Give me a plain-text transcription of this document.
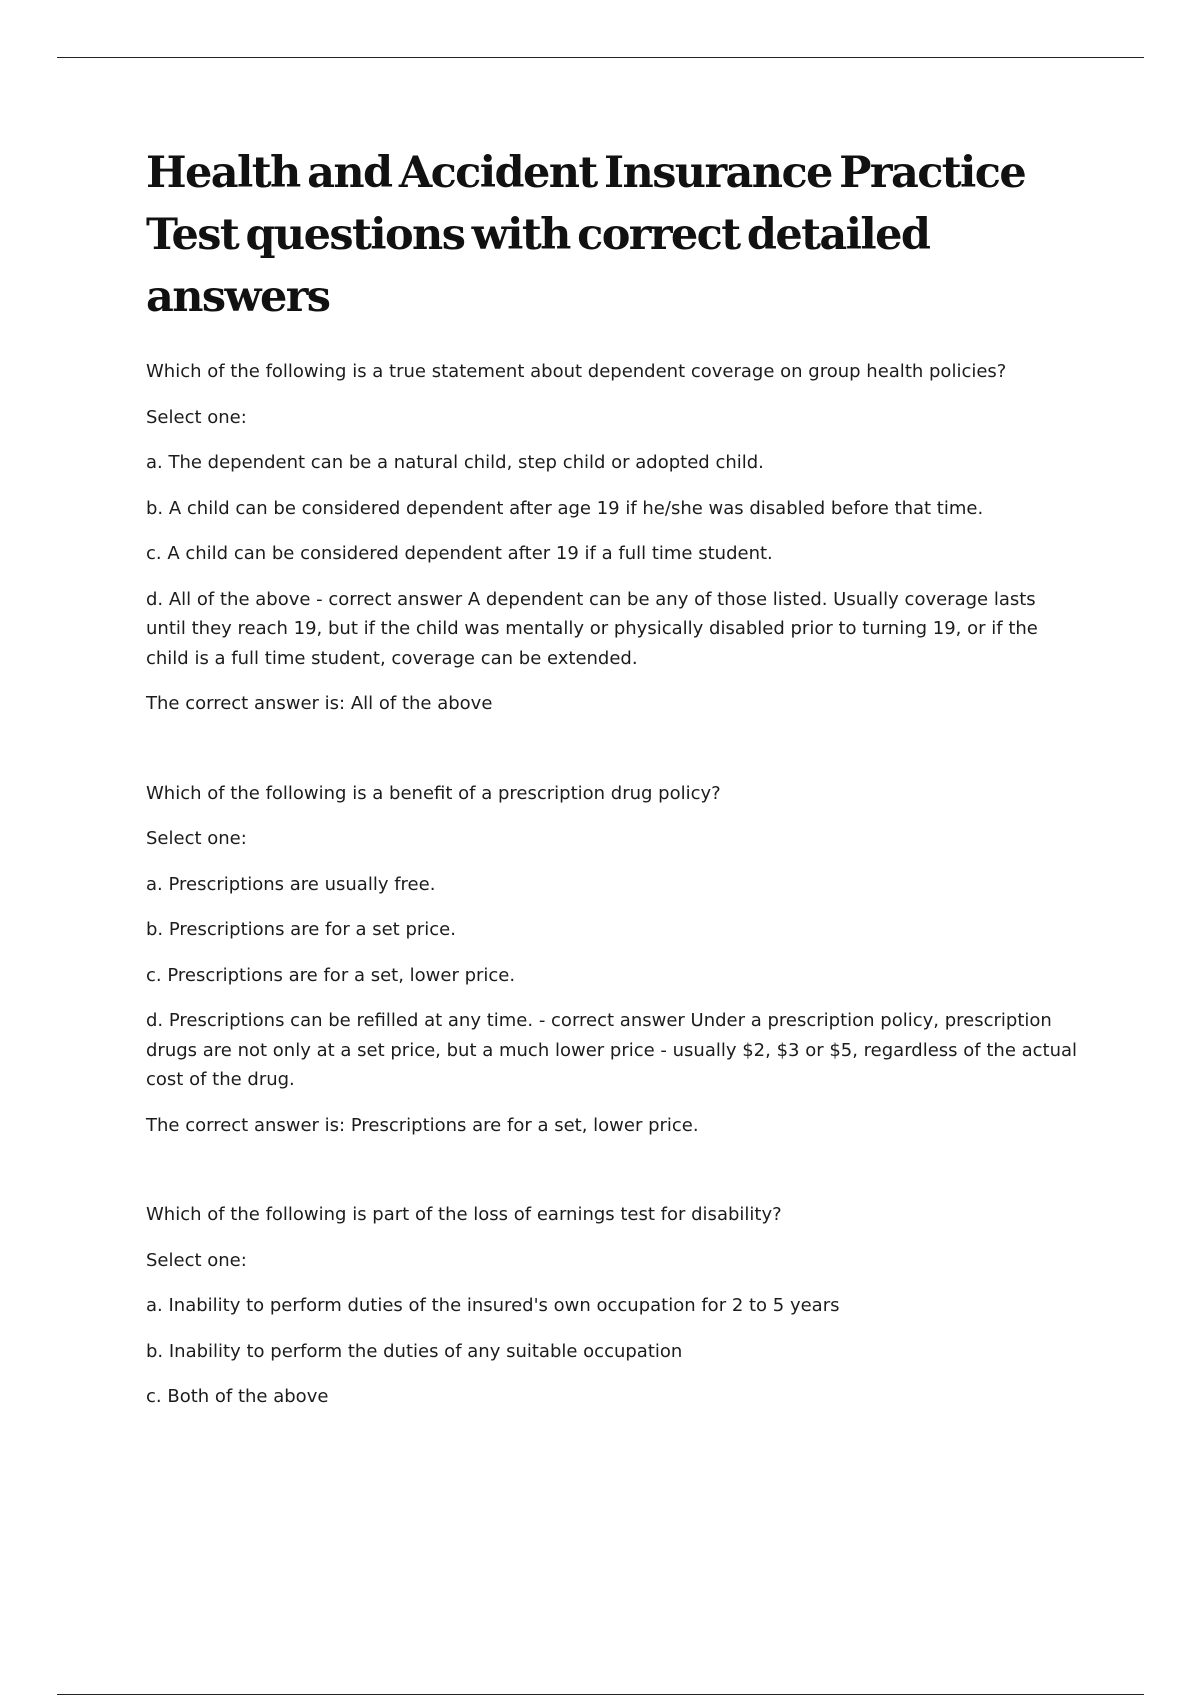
Health and Accident Insurance Practice Test questions with correct detailed answers

Which of the following is a true statement about dependent coverage on group health policies?

Select one:

a. The dependent can be a natural child, step child or adopted child.

b. A child can be considered dependent after age 19 if he/she was disabled before that time.

c. A child can be considered dependent after 19 if a full time student.

d. All of the above - correct answer A dependent can be any of those listed. Usually coverage lasts until they reach 19, but if the child was mentally or physically disabled prior to turning 19, or if the child is a full time student, coverage can be extended.

The correct answer is: All of the above

Which of the following is a benefit of a prescription drug policy?

Select one:

a. Prescriptions are usually free.

b. Prescriptions are for a set price.

c. Prescriptions are for a set, lower price.

d. Prescriptions can be refilled at any time. - correct answer Under a prescription policy, prescription drugs are not only at a set price, but a much lower price - usually $2, $3 or $5, regardless of the actual cost of the drug.

The correct answer is: Prescriptions are for a set, lower price.

Which of the following is part of the loss of earnings test for disability?

Select one:

a. Inability to perform duties of the insured's own occupation for 2 to 5 years

b. Inability to perform the duties of any suitable occupation

c. Both of the above
